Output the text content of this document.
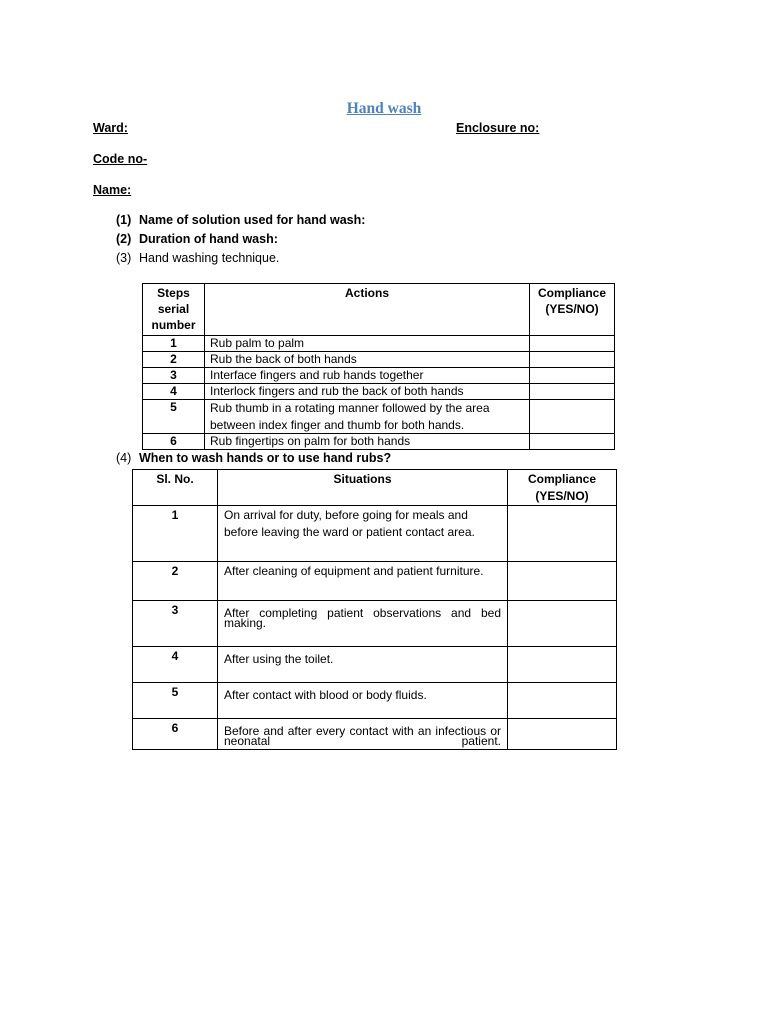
Hand wash
Ward:	Enclosure no:
Code no-
Name:
(1) Name of solution used for hand wash:
(2) Duration of hand wash:
(3) Hand washing technique.
Steps
serial
number	Actions	Compliance
(YES/NO)
1	Rub palm to palm	
2	Rub the back of both hands	
3	Interface fingers and rub hands together	
4	Interlock fingers and rub the back of both hands	
5	Rub thumb in a rotating manner followed by the area between index finger and thumb for both hands.	
6	Rub fingertips on palm for both hands	
(4) When to wash hands or to use hand rubs?
Sl. No.	Situations	Compliance
(YES/NO)
1	On arrival for duty, before going for meals and before leaving the ward or patient contact area.	
2	After cleaning of equipment and patient furniture.	
3	After completing patient observations and bed making.	
4	After using the toilet.	
5	After contact with blood or body fluids.	
6	Before and after every contact with an infectious or neonatal patient.	
